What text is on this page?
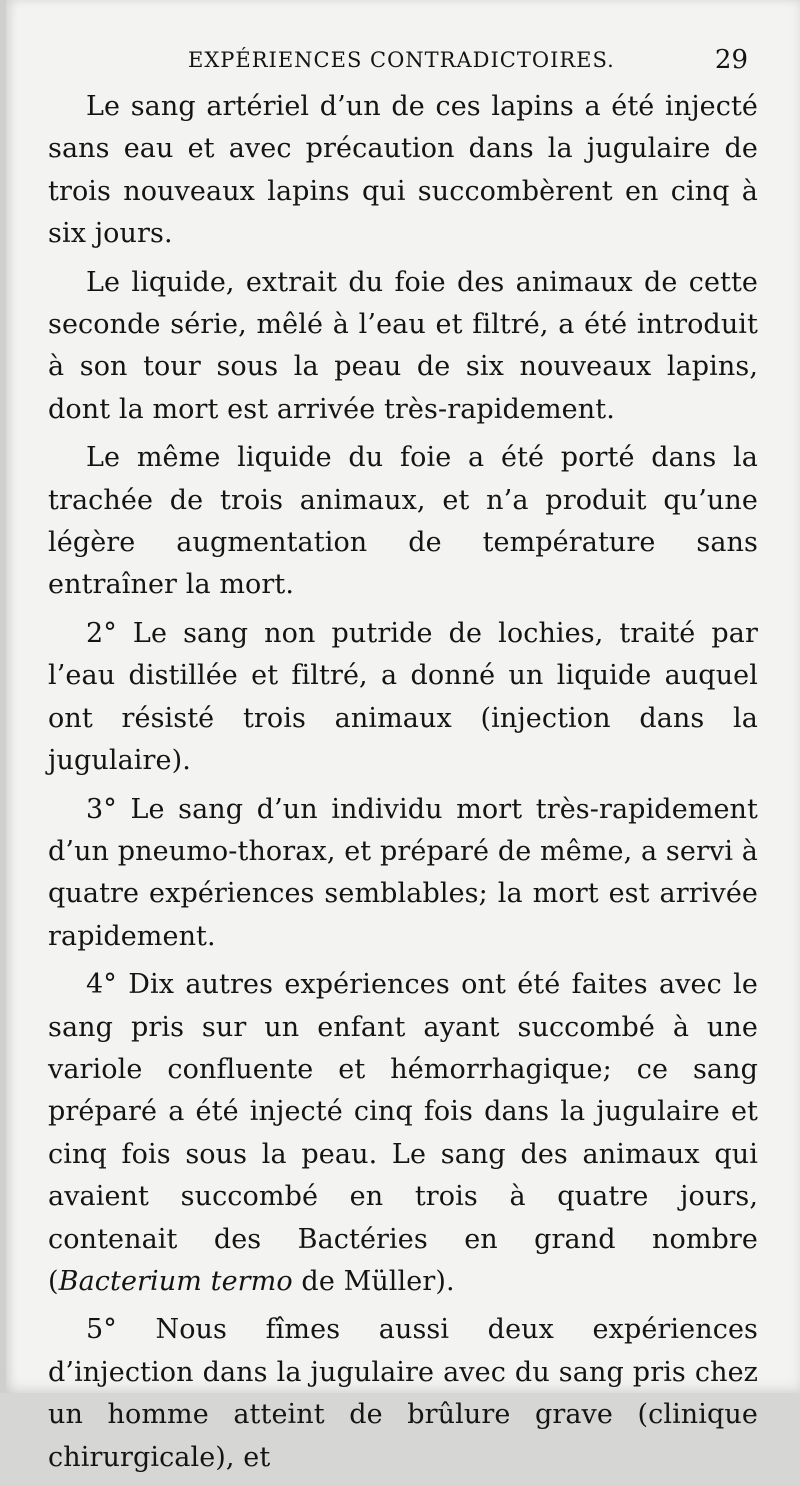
EXPÉRIENCES CONTRADICTOIRES.	29

Le sang artériel d’un de ces lapins a été injecté sans eau et avec précaution dans la jugulaire de trois nouveaux lapins qui succombèrent en cinq à six jours.

Le liquide, extrait du foie des animaux de cette seconde série, mêlé à l’eau et filtré, a été introduit à son tour sous la peau de six nouveaux lapins, dont la mort est arrivée très-rapidement.

Le même liquide du foie a été porté dans la trachée de trois animaux, et n’a produit qu’une légère augmentation de température sans entraîner la mort.

2° Le sang non putride de lochies, traité par l’eau distillée et filtré, a donné un liquide auquel ont résisté trois animaux (injection dans la jugulaire).

3° Le sang d’un individu mort très-rapidement d’un pneumo-thorax, et préparé de même, a servi à quatre expériences semblables; la mort est arrivée rapidement.

4° Dix autres expériences ont été faites avec le sang pris sur un enfant ayant succombé à une variole confluente et hémorrhagique; ce sang préparé a été injecté cinq fois dans la jugulaire et cinq fois sous la peau. Le sang des animaux qui avaient succombé en trois à quatre jours, contenait des Bactéries en grand nombre (Bacterium termo de Müller).

5° Nous fîmes aussi deux expériences d’injection dans la jugulaire avec du sang pris chez un homme atteint de brûlure grave (clinique chirurgicale), et
